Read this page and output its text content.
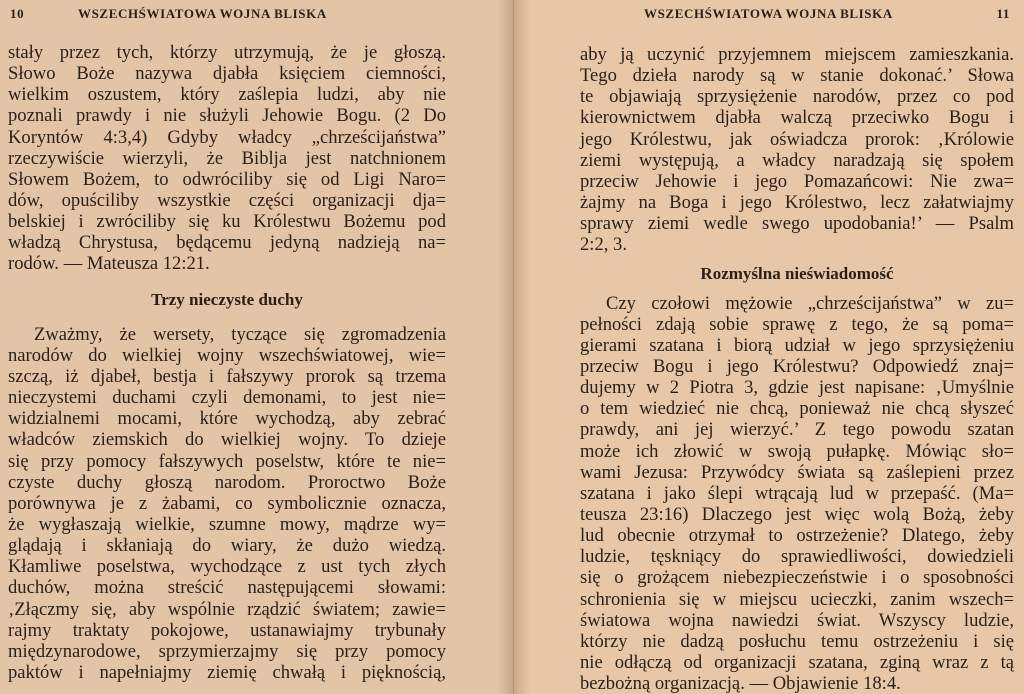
10	WSZECHŚWIATOWA WOJNA BLISKA
stały przez tych, którzy utrzymują, że je głoszą.
Słowo Boże nazywa djabła księciem ciemności,
wielkim oszustem, który zaślepia ludzi, aby nie
poznali prawdy i nie służyli Jehowie Bogu. (2 Do
Koryntów 4:3,4) Gdyby władcy „chrześcijaństwa”
rzeczywiście wierzyli, że Biblja jest natchnionem
Słowem Bożem, to odwróciliby się od Ligi Naro=
dów, opuściliby wszystkie części organizacji dja=
belskiej i zwróciliby się ku Królestwu Bożemu pod
władzą Chrystusa, będącemu jedyną nadzieją na=
rodów. — Mateusza 12:21.
Trzy nieczyste duchy
Zważmy, że wersety, tyczące się zgromadzenia
narodów do wielkiej wojny wszechświatowej, wie=
szczą, iż djabeł, bestja i fałszywy prorok są trzema
nieczystemi duchami czyli demonami, to jest nie=
widzialnemi mocami, które wychodzą, aby zebrać
władców ziemskich do wielkiej wojny. To dzieje
się przy pomocy fałszywych poselstw, które te nie=
czyste duchy głoszą narodom. Proroctwo Boże
porównywa je z żabami, co symbolicznie oznacza,
że wygłaszają wielkie, szumne mowy, mądrze wy=
glądają i skłaniają do wiary, że dużo wiedzą.
Kłamliwe poselstwa, wychodzące z ust tych złych
duchów, można streścić następującemi słowami:
‚Złączmy się, aby wspólnie rządzić światem; zawie=
rajmy traktaty pokojowe, ustanawiajmy trybunały
międzynarodowe, sprzymierzajmy się przy pomocy
paktów i napełniajmy ziemię chwałą i pięknością,
WSZECHŚWIATOWA WOJNA BLISKA	11
aby ją uczynić przyjemnem miejscem zamieszkania.
Tego dzieła narody są w stanie dokonać.’ Słowa
te objawiają sprzysiężenie narodów, przez co pod
kierownictwem djabła walczą przeciwko Bogu i
jego Królestwu, jak oświadcza prorok: ‚Królowie
ziemi występują, a władcy naradzają się społem
przeciw Jehowie i jego Pomazańcowi: Nie zwa=
żajmy na Boga i jego Królestwo, lecz załatwiajmy
sprawy ziemi wedle swego upodobania!’ — Psalm
2:2, 3.
Rozmyślna nieświadomość
Czy czołowi mężowie „chrześcijaństwa” w zu=
pełności zdają sobie sprawę z tego, że są poma=
gierami szatana i biorą udział w jego sprzysiężeniu
przeciw Bogu i jego Królestwu? Odpowiedź znaj=
dujemy w 2 Piotra 3, gdzie jest napisane: ‚Umyślnie
o tem wiedzieć nie chcą, ponieważ nie chcą słyszeć
prawdy, ani jej wierzyć.’ Z tego powodu szatan
może ich złowić w swoją pułapkę. Mówiąc sło=
wami Jezusa: Przywódcy świata są zaślepieni przez
szatana i jako ślepi wtrącają lud w przepaść. (Ma=
teusza 23:16) Dlaczego jest więc wolą Bożą, żeby
lud obecnie otrzymał to ostrzeżenie? Dlatego, żeby
ludzie, tęskniący do sprawiedliwości, dowiedzieli
się o grożącem niebezpieczeństwie i o sposobności
schronienia się w miejscu ucieczki, zanim wszech=
światowa wojna nawiedzi świat. Wszyscy ludzie,
którzy nie dadzą posłuchu temu ostrzeżeniu i się
nie odłączą od organizacji szatana, zginą wraz z tą
bezbożną organizacją. — Objawienie 18:4.
